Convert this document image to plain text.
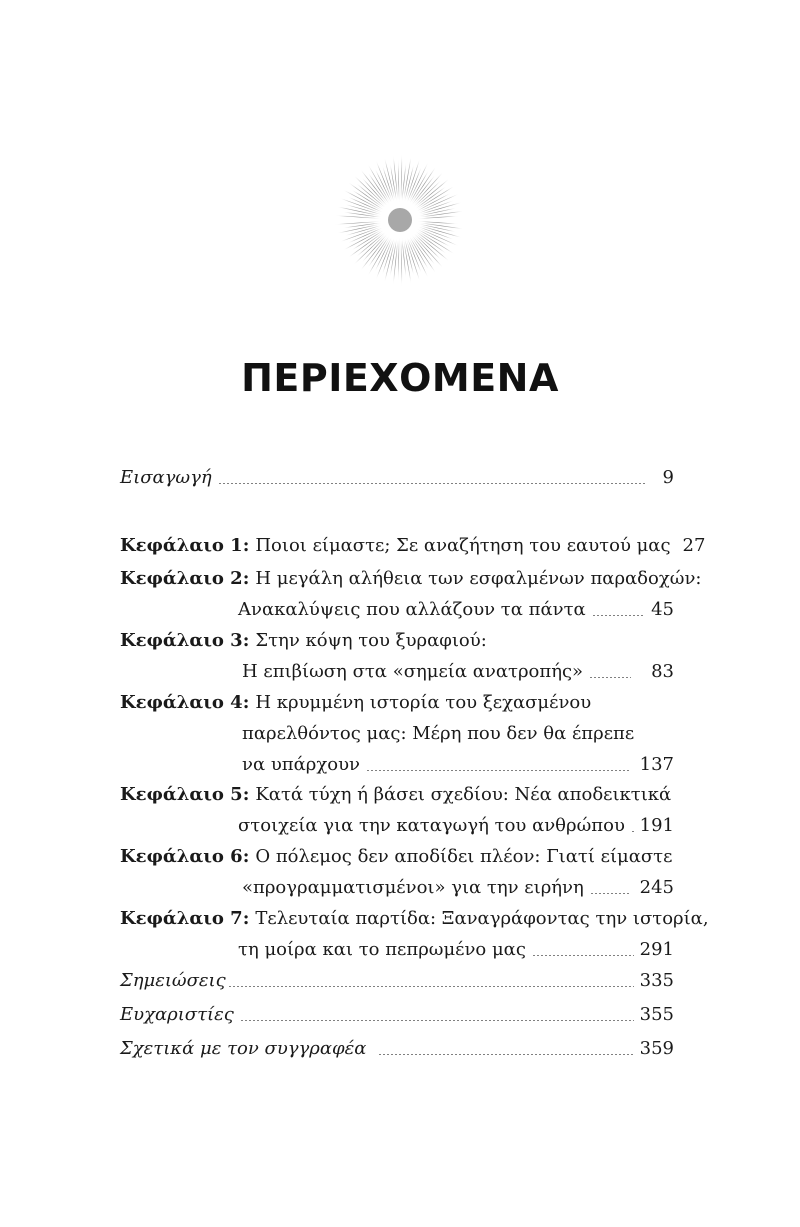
ΠΕΡΙΕΧΟΜΕΝΑ
Εισαγωγή	9
Κεφάλαιο 1: Ποιοι είμαστε; Σε αναζήτηση του εαυτού μας 27
Κεφάλαιο 2: Η μεγάλη αλήθεια των εσφαλμένων παραδοχών:
Ανακαλύψεις που αλλάζουν τα πάντα	45
Κεφάλαιο 3: Στην κόψη του ξυραφιού:
Η επιβίωση στα «σημεία ανατροπής»	83
Κεφάλαιο 4: Η κρυμμένη ιστορία του ξεχασμένου
παρελθόντος μας: Μέρη που δεν θα έπρεπε
να υπάρχουν	137
Κεφάλαιο 5: Κατά τύχη ή βάσει σχεδίου: Νέα αποδεικτικά
στοιχεία για την καταγωγή του ανθρώπου 191
Κεφάλαιο 6: Ο πόλεμος δεν αποδίδει πλέον: Γιατί είμαστε
«προγραμματισμένοι» για την ειρήνη	245
Κεφάλαιο 7: Τελευταία παρτίδα: Ξαναγράφοντας την ιστορία,
τη μοίρα και το πεπρωμένο μας	291
Σημειώσεις	335
Ευχαριστίες	355
Σχετικά με τον συγγραφέα	359
